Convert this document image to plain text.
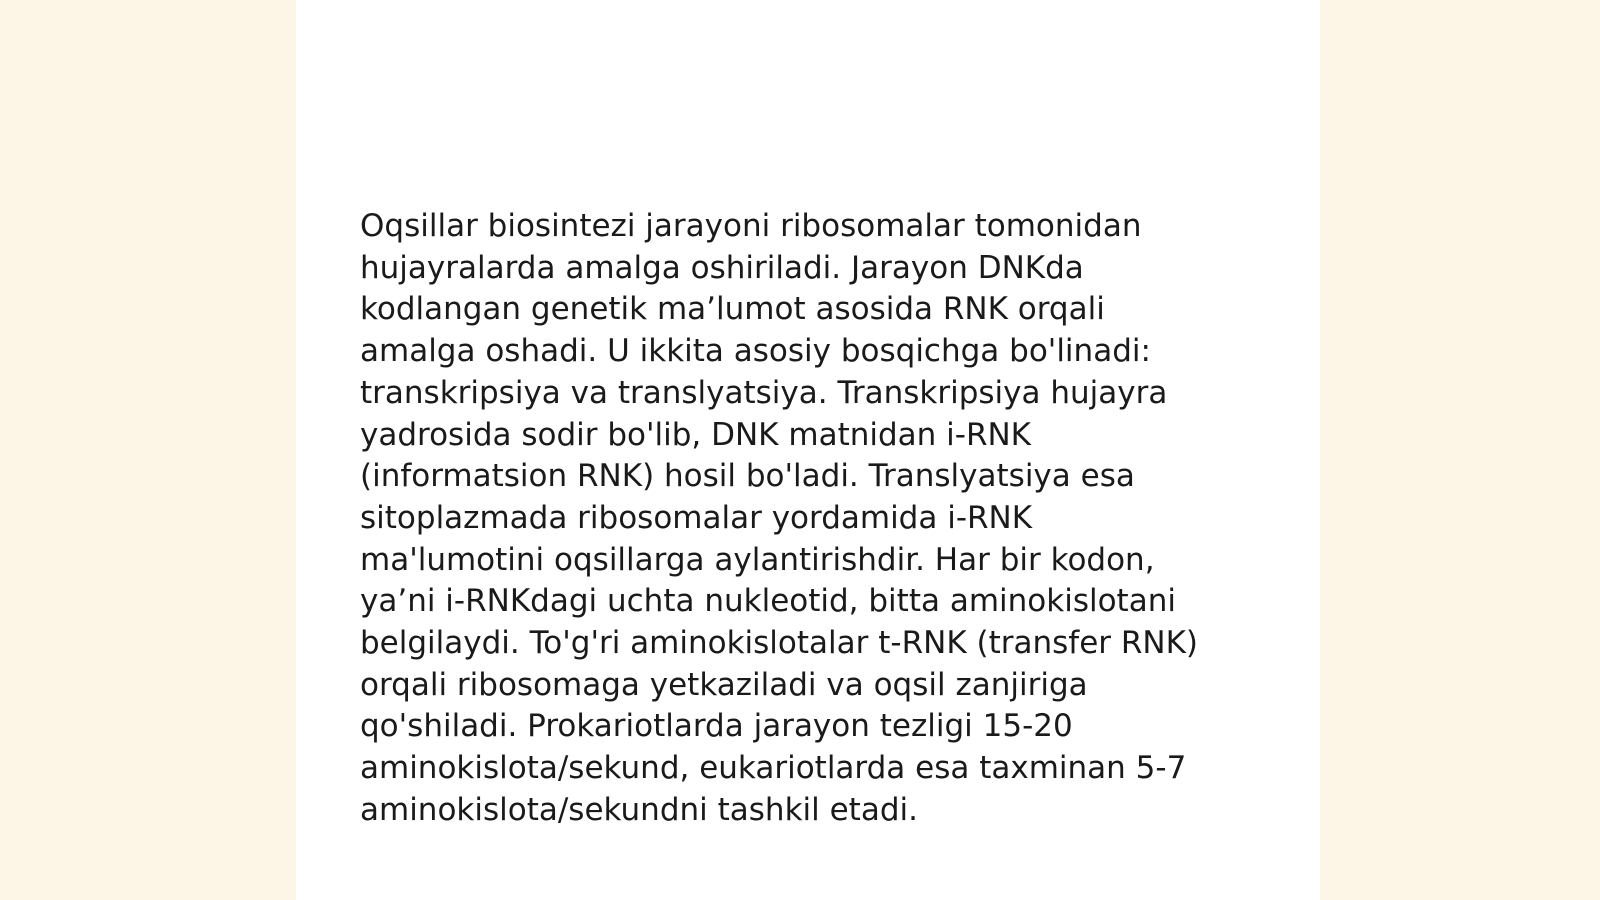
Oqsillar biosintezi jarayoni ribosomalar tomonidan
hujayralarda amalga oshiriladi. Jarayon DNKda
kodlangan genetik ma’lumot asosida RNK orqali
amalga oshadi. U ikkita asosiy bosqichga bo'linadi:
transkripsiya va translyatsiya. Transkripsiya hujayra
yadrosida sodir bo'lib, DNK matnidan i-RNK
(informatsion RNK) hosil bo'ladi. Translyatsiya esa
sitoplazmada ribosomalar yordamida i-RNK
ma'lumotini oqsillarga aylantirishdir. Har bir kodon,
ya’ni i-RNKdagi uchta nukleotid, bitta aminokislotani
belgilaydi. To'g'ri aminokislotalar t-RNK (transfer RNK)
orqali ribosomaga yetkaziladi va oqsil zanjiriga
qo'shiladi. Prokariotlarda jarayon tezligi 15-20
aminokislota/sekund, eukariotlarda esa taxminan 5-7
aminokislota/sekundni tashkil etadi.
